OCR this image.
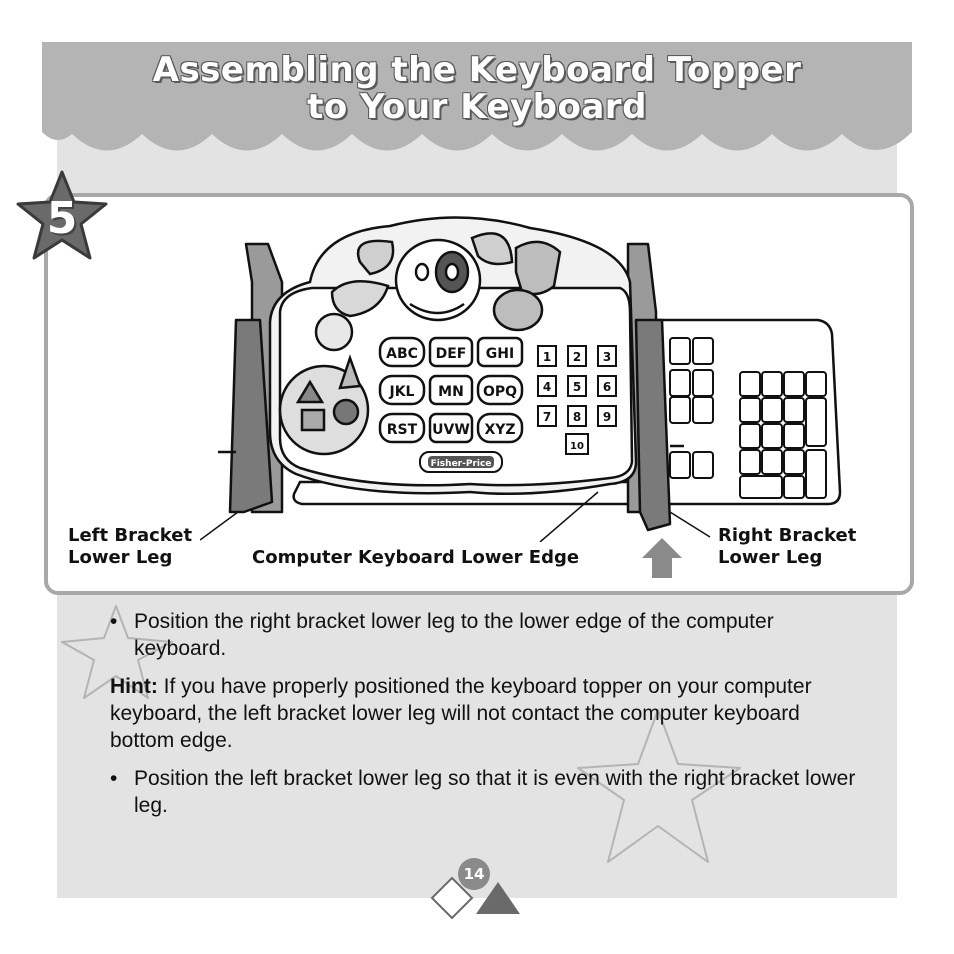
Assembling the Keyboard Topper
to Your Keyboard
5
ABC DEF GHI
JKL MN OPQ
RST UVW XYZ
1 2 3
4 5 6
7 8 9
10
Fisher-Price
Left Bracket
Lower Leg	Computer Keyboard Lower Edge
Right Bracket
Lower Leg
• Position the right bracket lower leg to the lower edge of the computer keyboard.
Hint: If you have properly positioned the keyboard topper on your computer keyboard, the left bracket lower leg will not contact the computer keyboard bottom edge.
• Position the left bracket lower leg so that it is even with the right bracket lower leg.
14
